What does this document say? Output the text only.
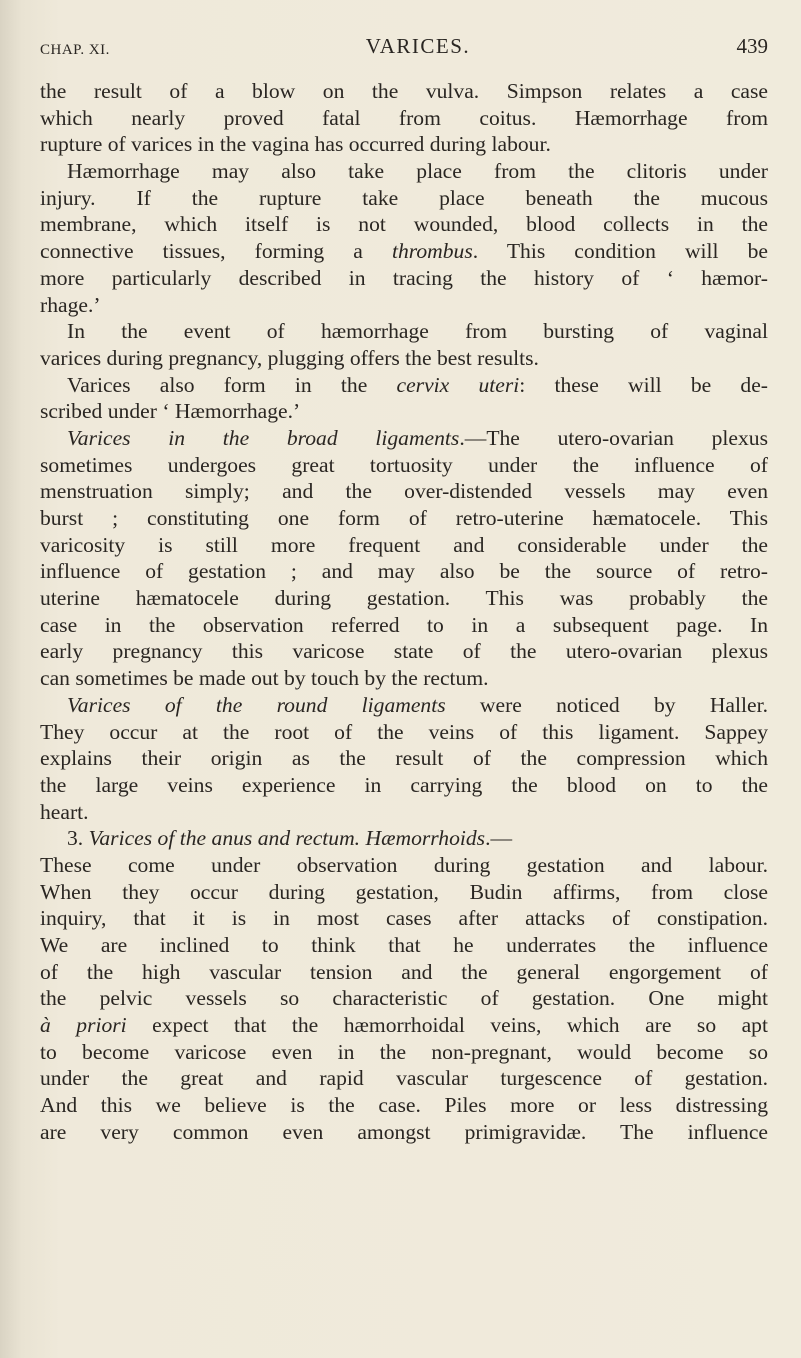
CHAP. XI.	VARICES.	439
the result of a blow on the vulva. Simpson relates a case
which nearly proved fatal from coitus. Hæmorrhage from
rupture of varices in the vagina has occurred during labour.
Hæmorrhage may also take place from the clitoris under
injury. If the rupture take place beneath the mucous
membrane, which itself is not wounded, blood collects in the
connective tissues, forming a thrombus. This condition will be
more particularly described in tracing the history of ‘ hæmor-
rhage.’
In the event of hæmorrhage from bursting of vaginal
varices during pregnancy, plugging offers the best results.
Varices also form in the cervix uteri: these will be de-
scribed under ‘ Hæmorrhage.’
Varices in the broad ligaments.—The utero-ovarian plexus
sometimes undergoes great tortuosity under the influence of
menstruation simply; and the over-distended vessels may even
burst ; constituting one form of retro-uterine hæmatocele. This
varicosity is still more frequent and considerable under the
influence of gestation ; and may also be the source of retro-
uterine hæmatocele during gestation. This was probably the
case in the observation referred to in a subsequent page. In
early pregnancy this varicose state of the utero-ovarian plexus
can sometimes be made out by touch by the rectum.
Varices of the round ligaments were noticed by Haller.
They occur at the root of the veins of this ligament. Sappey
explains their origin as the result of the compression which
the large veins experience in carrying the blood on to the
heart.
3. Varices of the anus and rectum. Hæmorrhoids.—
These come under observation during gestation and labour.
When they occur during gestation, Budin affirms, from close
inquiry, that it is in most cases after attacks of constipation.
We are inclined to think that he underrates the influence
of the high vascular tension and the general engorgement of
the pelvic vessels so characteristic of gestation. One might
à priori expect that the hæmorrhoidal veins, which are so apt
to become varicose even in the non-pregnant, would become so
under the great and rapid vascular turgescence of gestation.
And this we believe is the case. Piles more or less distressing
are very common even amongst primigravidæ. The influence
